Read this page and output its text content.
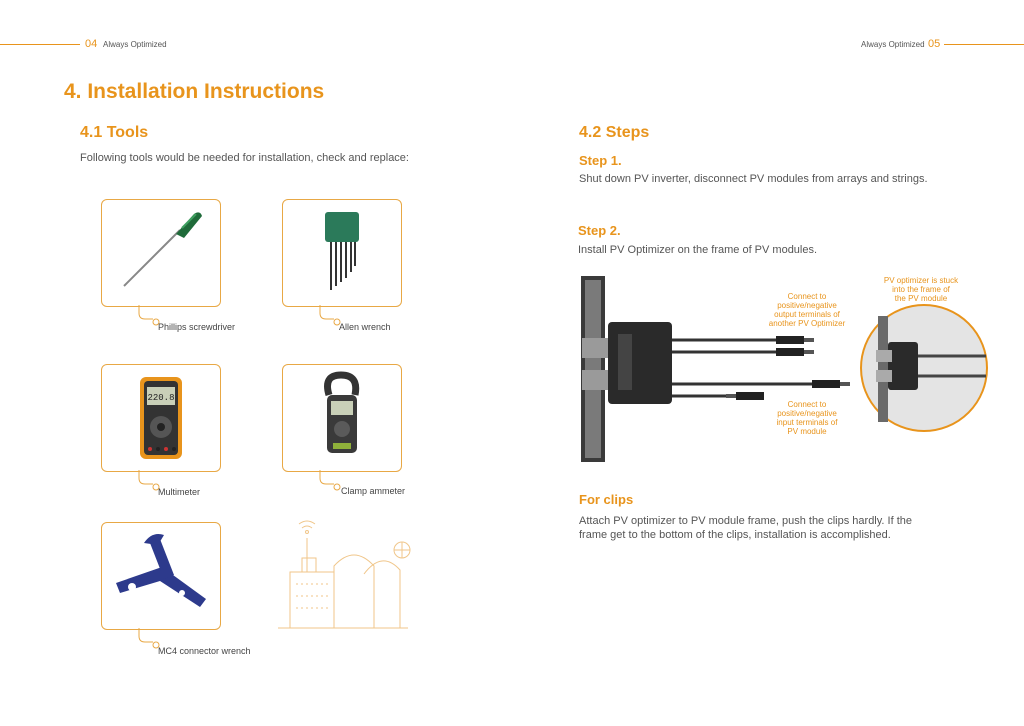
04 Always Optimized	Always Optimized 05
4. Installation Instructions
4.1 Tools
Following tools would be needed for installation, check and replace:
Phillips screwdriver	Allen wrench
220.8
Multimeter	Clamp ammeter
MC4 connector wrench
4.2 Steps
Step 1.
Shut down PV inverter, disconnect PV modules from arrays and strings.
Step 2.
Install PV Optimizer on the frame of PV modules.
Connect to
positive/negative
output terminals of
another PV Optimizer
Connect to
positive/negative
input terminals of
PV module
PV optimizer is stuck
into the frame of
the PV module
For clips
Attach PV optimizer to PV module frame, push the clips hardly. If the
frame get to the bottom of the clips, installation is accomplished.
